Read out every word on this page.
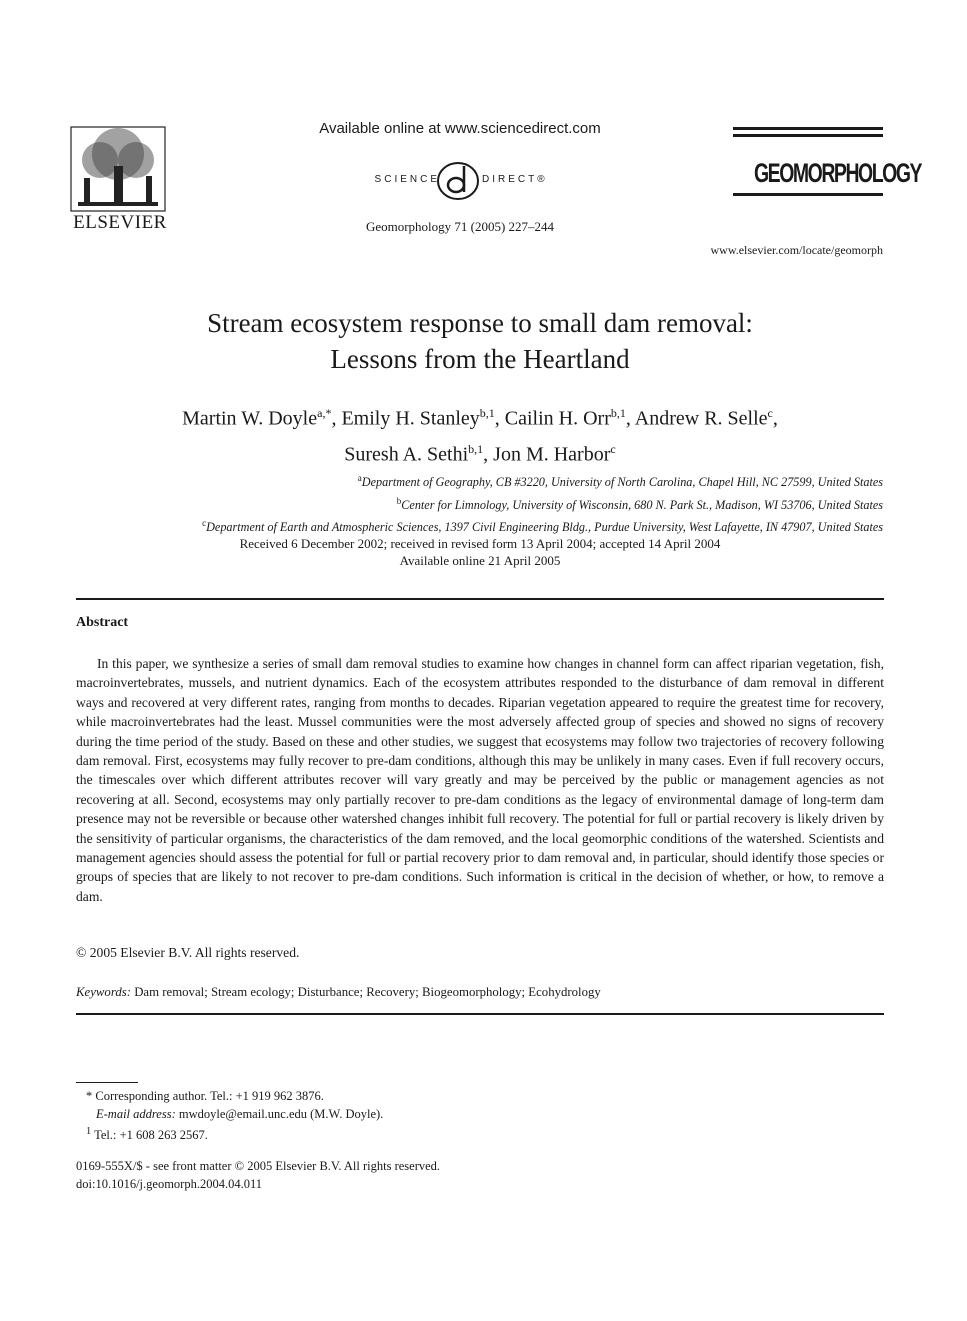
ELSEVIER
Available online at www.sciencedirect.com
SCIENCE	DIRECT®
Geomorphology 71 (2005) 227–244
GEOMORPHOLOGY
www.elsevier.com/locate/geomorph
Stream ecosystem response to small dam removal:
Lessons from the Heartland
Martin W. Doyle$^{a,*}$, Emily H. Stanley$^{b,1}$, Cailin H. Orr$^{b,1}$, Andrew R. Selle$^c$,
Suresh A. Sethi$^{b,1}$, Jon M. Harbor$^c$
$^a$Department of Geography, CB #3220, University of North Carolina, Chapel Hill, NC 27599, United States
$^b$Center for Limnology, University of Wisconsin, 680 N. Park St., Madison, WI 53706, United States
$^c$Department of Earth and Atmospheric Sciences, 1397 Civil Engineering Bldg., Purdue University, West Lafayette, IN 47907, United States
Received 6 December 2002; received in revised form 13 April 2004; accepted 14 April 2004
Available online 21 April 2005
Abstract
In this paper, we synthesize a series of small dam removal studies to examine how changes in channel form can affect riparian vegetation, fish, macroinvertebrates, mussels, and nutrient dynamics. Each of the ecosystem attributes responded to the disturbance of dam removal in different ways and recovered at very different rates, ranging from months to decades. Riparian vegetation appeared to require the greatest time for recovery, while macroinvertebrates had the least. Mussel communities were the most adversely affected group of species and showed no signs of recovery during the time period of the study. Based on these and other studies, we suggest that ecosystems may follow two trajectories of recovery following dam removal. First, ecosystems may fully recover to pre-dam conditions, although this may be unlikely in many cases. Even if full recovery occurs, the timescales over which different attributes recover will vary greatly and may be perceived by the public or management agencies as not recovering at all. Second, ecosystems may only partially recover to pre-dam conditions as the legacy of environmental damage of long-term dam presence may not be reversible or because other watershed changes inhibit full recovery. The potential for full or partial recovery is likely driven by the sensitivity of particular organisms, the characteristics of the dam removed, and the local geomorphic conditions of the watershed. Scientists and management agencies should assess the potential for full or partial recovery prior to dam removal and, in particular, should identify those species or groups of species that are likely to not recover to pre-dam conditions. Such information is critical in the decision of whether, or how, to remove a dam.
© 2005 Elsevier B.V. All rights reserved.
Keywords: Dam removal; Stream ecology; Disturbance; Recovery; Biogeomorphology; Ecohydrology
* Corresponding author. Tel.: +1 919 962 3876.
E-mail address: mwdoyle@email.unc.edu (M.W. Doyle).
$^1$ Tel.: +1 608 263 2567.
0169-555X/$ - see front matter © 2005 Elsevier B.V. All rights reserved.
doi:10.1016/j.geomorph.2004.04.011
